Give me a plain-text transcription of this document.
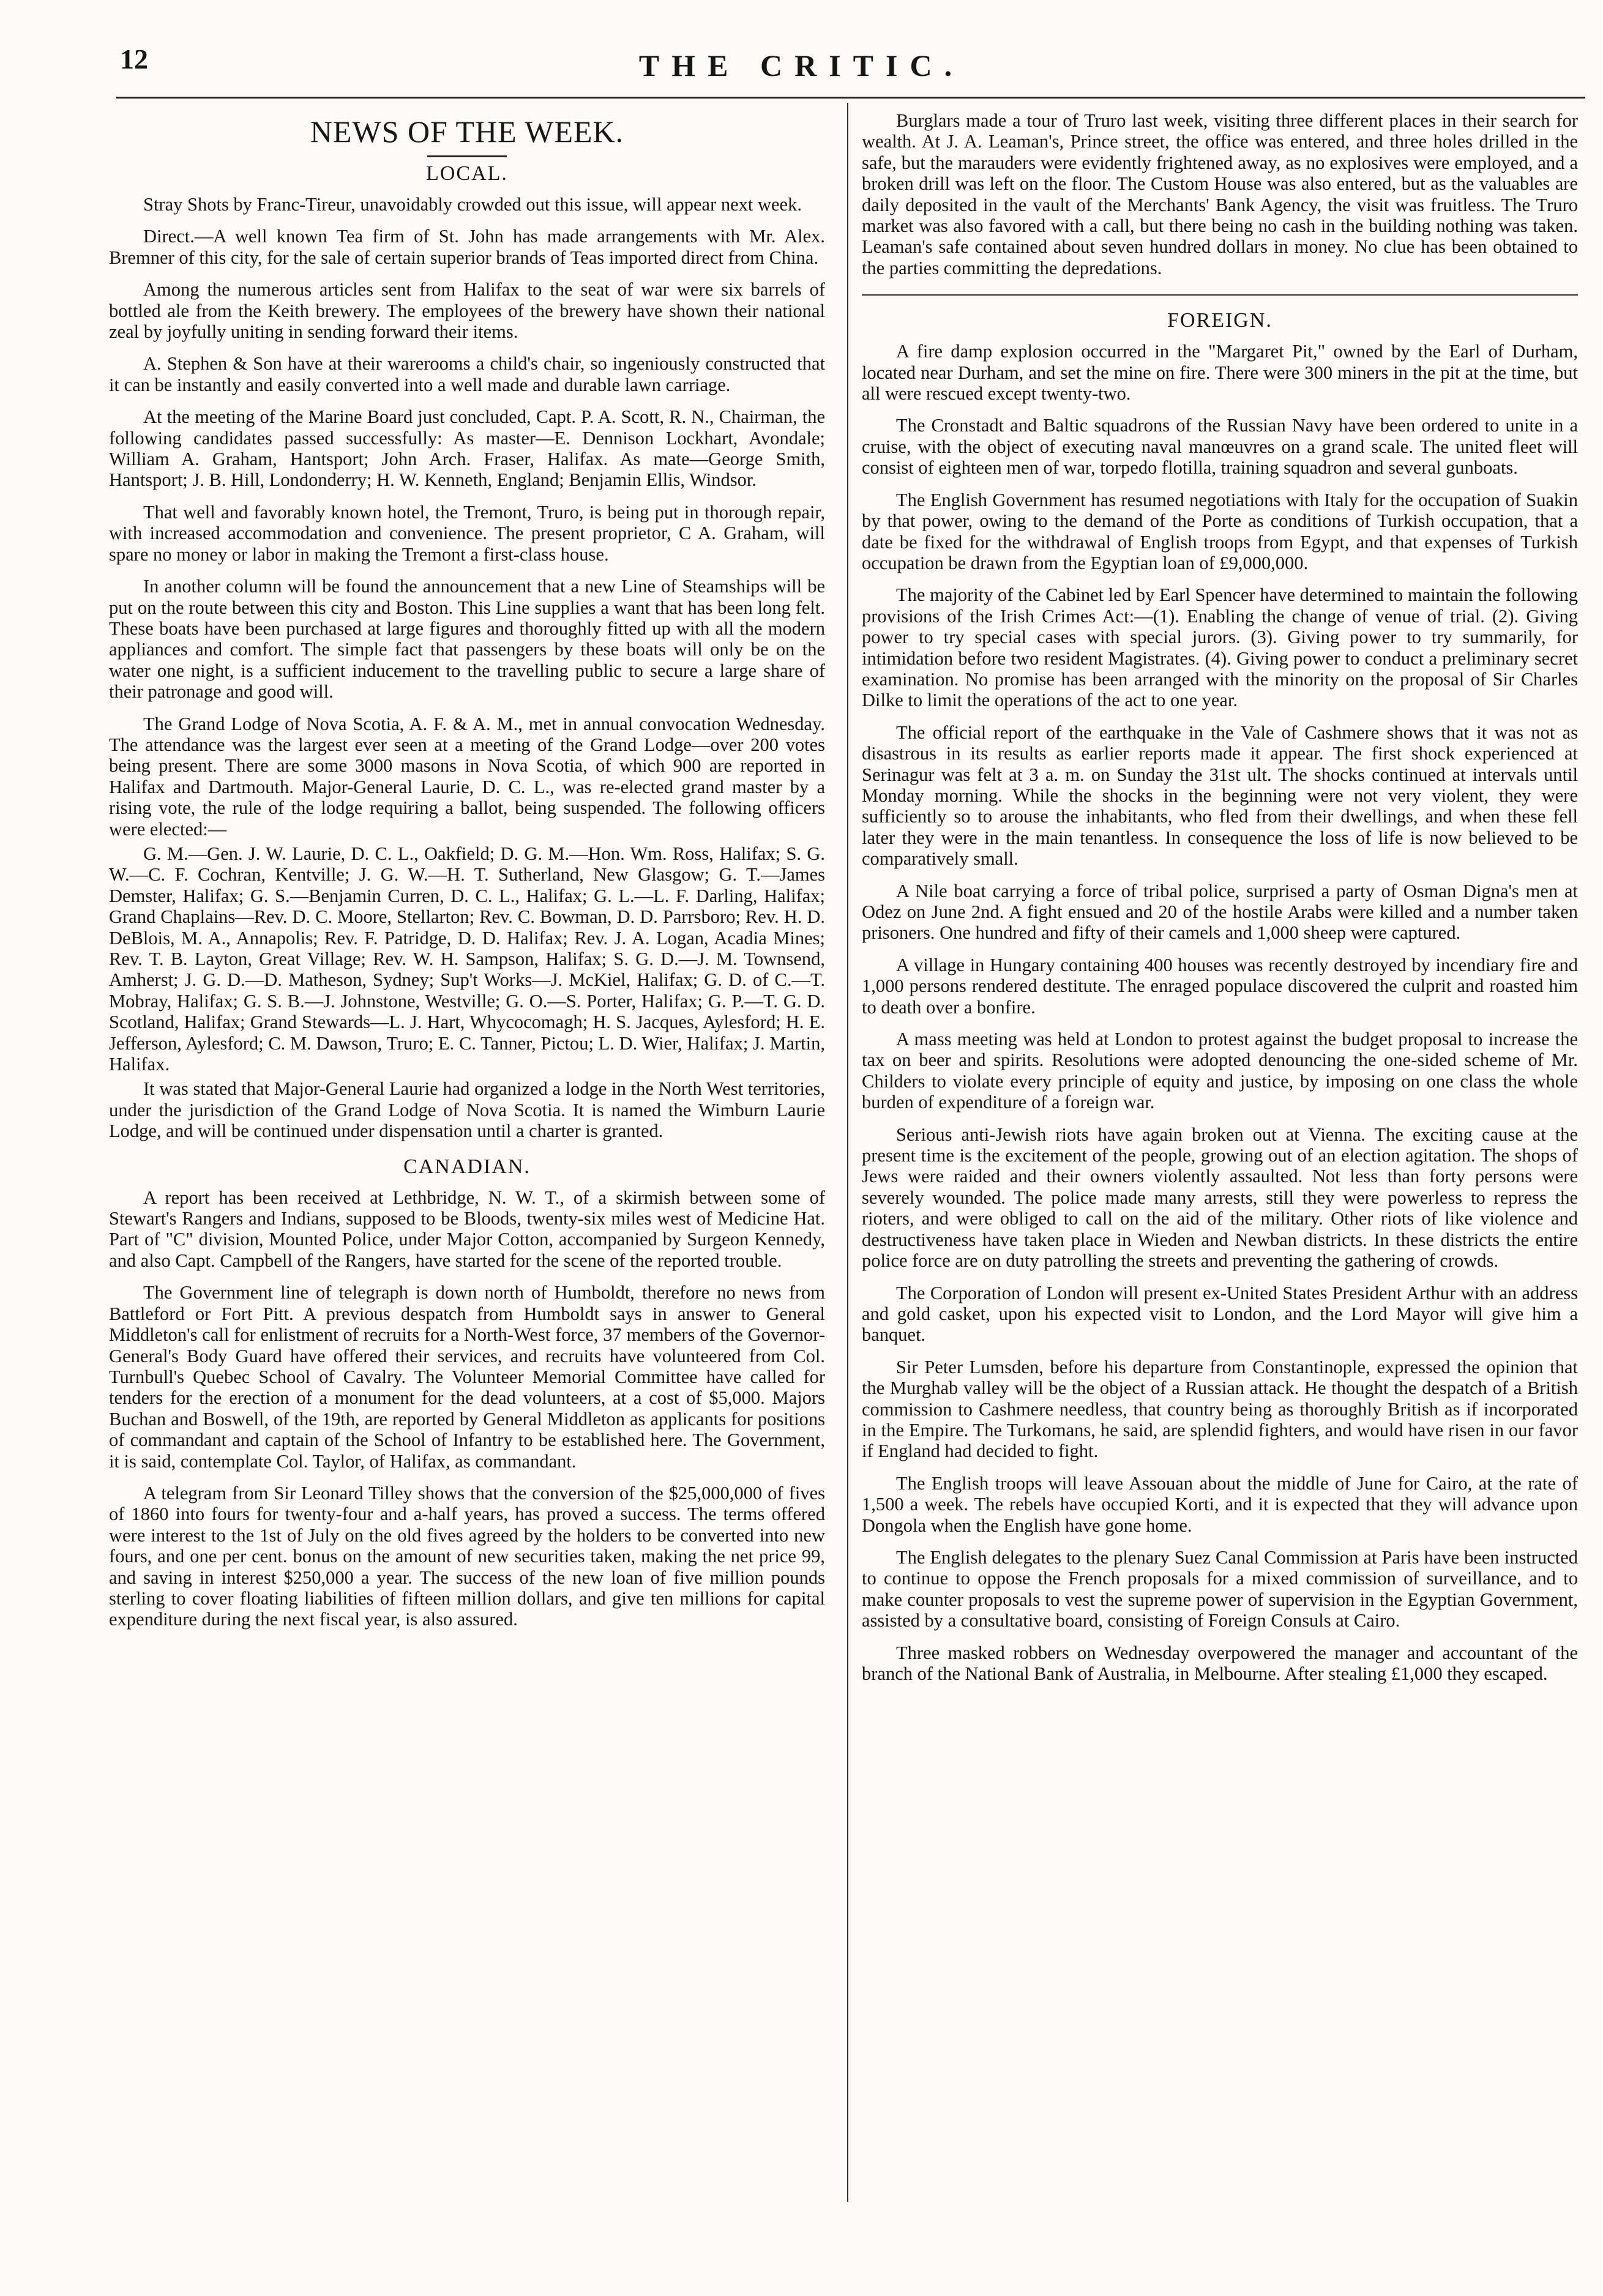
12	THE CRITIC.
NEWS OF THE WEEK.
LOCAL.

Stray Shots by Franc-Tireur, unavoidably crowded out this issue, will appear next week.

Direct.—A well known Tea firm of St. John has made arrangements with Mr. Alex. Bremner of this city, for the sale of certain superior brands of Teas imported direct from China.

Among the numerous articles sent from Halifax to the seat of war were six barrels of bottled ale from the Keith brewery. The employees of the brewery have shown their national zeal by joyfully uniting in sending forward their items.

A. Stephen & Son have at their warerooms a child's chair, so ingeniously constructed that it can be instantly and easily converted into a well made and durable lawn carriage.

At the meeting of the Marine Board just concluded, Capt. P. A. Scott, R. N., Chairman, the following candidates passed successfully: As master—E. Dennison Lockhart, Avondale; William A. Graham, Hantsport; John Arch. Fraser, Halifax. As mate—George Smith, Hantsport; J. B. Hill, Londonderry; H. W. Kenneth, England; Benjamin Ellis, Windsor.

That well and favorably known hotel, the Tremont, Truro, is being put in thorough repair, with increased accommodation and convenience. The present proprietor, C A. Graham, will spare no money or labor in making the Tremont a first-class house.

In another column will be found the announcement that a new Line of Steamships will be put on the route between this city and Boston. This Line supplies a want that has been long felt. These boats have been purchased at large figures and thoroughly fitted up with all the modern appliances and comfort. The simple fact that passengers by these boats will only be on the water one night, is a sufficient inducement to the travelling public to secure a large share of their patronage and good will.

The Grand Lodge of Nova Scotia, A. F. & A. M., met in annual convocation Wednesday. The attendance was the largest ever seen at a meeting of the Grand Lodge—over 200 votes being present. There are some 3000 masons in Nova Scotia, of which 900 are reported in Halifax and Dartmouth. Major-General Laurie, D. C. L., was re-elected grand master by a rising vote, the rule of the lodge requiring a ballot, being suspended. The following officers were elected:—

G. M.—Gen. J. W. Laurie, D. C. L., Oakfield; D. G. M.—Hon. Wm. Ross, Halifax; S. G. W.—C. F. Cochran, Kentville; J. G. W.—H. T. Sutherland, New Glasgow; G. T.—James Demster, Halifax; G. S.—Benjamin Curren, D. C. L., Halifax; G. L.—L. F. Darling, Halifax; Grand Chaplains—Rev. D. C. Moore, Stellarton; Rev. C. Bowman, D. D. Parrsboro; Rev. H. D. DeBlois, M. A., Annapolis; Rev. F. Patridge, D. D. Halifax; Rev. J. A. Logan, Acadia Mines; Rev. T. B. Layton, Great Village; Rev. W. H. Sampson, Halifax; S. G. D.—J. M. Townsend, Amherst; J. G. D.—D. Matheson, Sydney; Sup't Works—J. McKiel, Halifax; G. D. of C.—T. Mobray, Halifax; G. S. B.—J. Johnstone, Westville; G. O.—S. Porter, Halifax; G. P.—T. G. D. Scotland, Halifax; Grand Stewards—L. J. Hart, Whycocomagh; H. S. Jacques, Aylesford; H. E. Jefferson, Aylesford; C. M. Dawson, Truro; E. C. Tanner, Pictou; L. D. Wier, Halifax; J. Martin, Halifax.

It was stated that Major-General Laurie had organized a lodge in the North West territories, under the jurisdiction of the Grand Lodge of Nova Scotia. It is named the Wimburn Laurie Lodge, and will be continued under dispensation until a charter is granted.

CANADIAN.

A report has been received at Lethbridge, N. W. T., of a skirmish between some of Stewart's Rangers and Indians, supposed to be Bloods, twenty-six miles west of Medicine Hat. Part of "C" division, Mounted Police, under Major Cotton, accompanied by Surgeon Kennedy, and also Capt. Campbell of the Rangers, have started for the scene of the reported trouble.

The Government line of telegraph is down north of Humboldt, therefore no news from Battleford or Fort Pitt. A previous despatch from Humboldt says in answer to General Middleton's call for enlistment of recruits for a North-West force, 37 members of the Governor-General's Body Guard have offered their services, and recruits have volunteered from Col. Turnbull's Quebec School of Cavalry. The Volunteer Memorial Committee have called for tenders for the erection of a monument for the dead volunteers, at a cost of $5,000. Majors Buchan and Boswell, of the 19th, are reported by General Middleton as applicants for positions of commandant and captain of the School of Infantry to be established here. The Government, it is said, contemplate Col. Taylor, of Halifax, as commandant.

A telegram from Sir Leonard Tilley shows that the conversion of the $25,000,000 of fives of 1860 into fours for twenty-four and a-half years, has proved a success. The terms offered were interest to the 1st of July on the old fives agreed by the holders to be converted into new fours, and one per cent. bonus on the amount of new securities taken, making the net price 99, and saving in interest $250,000 a year. The success of the new loan of five million pounds sterling to cover floating liabilities of fifteen million dollars, and give ten millions for capital expenditure during the next fiscal year, is also assured.

Burglars made a tour of Truro last week, visiting three different places in their search for wealth. At J. A. Leaman's, Prince street, the office was entered, and three holes drilled in the safe, but the marauders were evidently frightened away, as no explosives were employed, and a broken drill was left on the floor. The Custom House was also entered, but as the valuables are daily deposited in the vault of the Merchants' Bank Agency, the visit was fruitless. The Truro market was also favored with a call, but there being no cash in the building nothing was taken. Leaman's safe contained about seven hundred dollars in money. No clue has been obtained to the parties committing the depredations.

FOREIGN.

A fire damp explosion occurred in the "Margaret Pit," owned by the Earl of Durham, located near Durham, and set the mine on fire. There were 300 miners in the pit at the time, but all were rescued except twenty-two.

The Cronstadt and Baltic squadrons of the Russian Navy have been ordered to unite in a cruise, with the object of executing naval manœuvres on a grand scale. The united fleet will consist of eighteen men of war, torpedo flotilla, training squadron and several gunboats.

The English Government has resumed negotiations with Italy for the occupation of Suakin by that power, owing to the demand of the Porte as conditions of Turkish occupation, that a date be fixed for the withdrawal of English troops from Egypt, and that expenses of Turkish occupation be drawn from the Egyptian loan of £9,000,000.

The majority of the Cabinet led by Earl Spencer have determined to maintain the following provisions of the Irish Crimes Act:—(1). Enabling the change of venue of trial. (2). Giving power to try special cases with special jurors. (3). Giving power to try summarily, for intimidation before two resident Magistrates. (4). Giving power to conduct a preliminary secret examination. No promise has been arranged with the minority on the proposal of Sir Charles Dilke to limit the operations of the act to one year.

The official report of the earthquake in the Vale of Cashmere shows that it was not as disastrous in its results as earlier reports made it appear. The first shock experienced at Serinagur was felt at 3 a. m. on Sunday the 31st ult. The shocks continued at intervals until Monday morning. While the shocks in the beginning were not very violent, they were sufficiently so to arouse the inhabitants, who fled from their dwellings, and when these fell later they were in the main tenantless. In consequence the loss of life is now believed to be comparatively small.

A Nile boat carrying a force of tribal police, surprised a party of Osman Digna's men at Odez on June 2nd. A fight ensued and 20 of the hostile Arabs were killed and a number taken prisoners. One hundred and fifty of their camels and 1,000 sheep were captured.

A village in Hungary containing 400 houses was recently destroyed by incendiary fire and 1,000 persons rendered destitute. The enraged populace discovered the culprit and roasted him to death over a bonfire.

A mass meeting was held at London to protest against the budget proposal to increase the tax on beer and spirits. Resolutions were adopted denouncing the one-sided scheme of Mr. Childers to violate every principle of equity and justice, by imposing on one class the whole burden of expenditure of a foreign war.

Serious anti-Jewish riots have again broken out at Vienna. The exciting cause at the present time is the excitement of the people, growing out of an election agitation. The shops of Jews were raided and their owners violently assaulted. Not less than forty persons were severely wounded. The police made many arrests, still they were powerless to repress the rioters, and were obliged to call on the aid of the military. Other riots of like violence and destructiveness have taken place in Wieden and Newban districts. In these districts the entire police force are on duty patrolling the streets and preventing the gathering of crowds.

The Corporation of London will present ex-United States President Arthur with an address and gold casket, upon his expected visit to London, and the Lord Mayor will give him a banquet.

Sir Peter Lumsden, before his departure from Constantinople, expressed the opinion that the Murghab valley will be the object of a Russian attack. He thought the despatch of a British commission to Cashmere needless, that country being as thoroughly British as if incorporated in the Empire. The Turkomans, he said, are splendid fighters, and would have risen in our favor if England had decided to fight.

The English troops will leave Assouan about the middle of June for Cairo, at the rate of 1,500 a week. The rebels have occupied Korti, and it is expected that they will advance upon Dongola when the English have gone home.

The English delegates to the plenary Suez Canal Commission at Paris have been instructed to continue to oppose the French proposals for a mixed commission of surveillance, and to make counter proposals to vest the supreme power of supervision in the Egyptian Government, assisted by a consultative board, consisting of Foreign Consuls at Cairo.

Three masked robbers on Wednesday overpowered the manager and accountant of the branch of the National Bank of Australia, in Melbourne. After stealing £1,000 they escaped.
